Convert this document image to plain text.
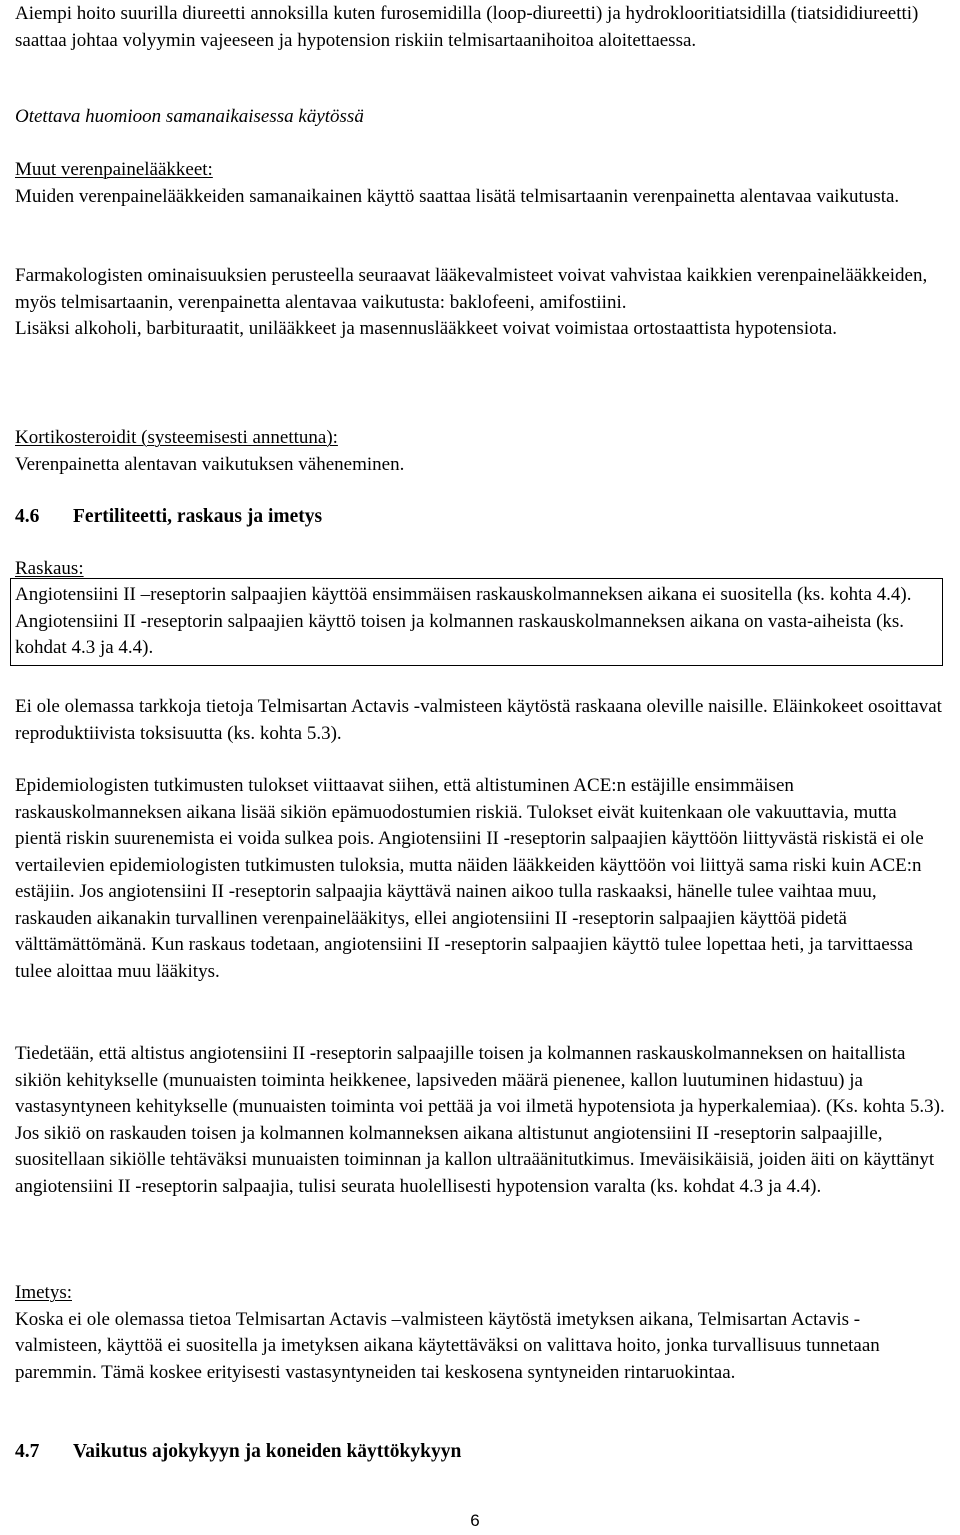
Aiempi hoito suurilla diureetti annoksilla kuten furosemidilla (loop-diureetti) ja hydroklooritiatsidilla (tiatsididiureetti) saattaa johtaa volyymin vajeeseen ja hypotension riskiin telmisartaanihoitoa aloitettaessa.

Otettava huomioon samanaikaisessa käytössä

Muut verenpainelääkkeet:

Muiden verenpainelääkkeiden samanaikainen käyttö saattaa lisätä telmisartaanin verenpainetta alentavaa vaikutusta.

Farmakologisten ominaisuuksien perusteella seuraavat lääkevalmisteet voivat vahvistaa kaikkien verenpainelääkkeiden, myös telmisartaanin, verenpainetta alentavaa vaikutusta: baklofeeni, amifostiini.

Lisäksi alkoholi, barbituraatit, unilääkkeet ja masennuslääkkeet voivat voimistaa ortostaattista hypotensiota.

Kortikosteroidit (systeemisesti annettuna):

Verenpainetta alentavan vaikutuksen väheneminen.

4.6 Fertiliteetti, raskaus ja imetys

Raskaus:

Angiotensiini II –reseptorin salpaajien käyttöä ensimmäisen raskauskolmanneksen aikana ei suositella (ks. kohta 4.4). Angiotensiini II -reseptorin salpaajien käyttö toisen ja kolmannen raskauskolmanneksen aikana on vasta-aiheista (ks. kohdat 4.3 ja 4.4).

Ei ole olemassa tarkkoja tietoja Telmisartan Actavis -valmisteen käytöstä raskaana oleville naisille. Eläinkokeet osoittavat reproduktiivista toksisuutta (ks. kohta 5.3).

Epidemiologisten tutkimusten tulokset viittaavat siihen, että altistuminen ACE:n estäjille ensimmäisen raskauskolmanneksen aikana lisää sikiön epämuodostumien riskiä. Tulokset eivät kuitenkaan ole vakuuttavia, mutta pientä riskin suurenemista ei voida sulkea pois. Angiotensiini II -reseptorin salpaajien käyttöön liittyvästä riskistä ei ole vertailevien epidemiologisten tutkimusten tuloksia, mutta näiden lääkkeiden käyttöön voi liittyä sama riski kuin ACE:n estäjiin. Jos angiotensiini II -reseptorin salpaajia käyttävä nainen aikoo tulla raskaaksi, hänelle tulee vaihtaa muu, raskauden aikanakin turvallinen verenpainelääkitys, ellei angiotensiini II -reseptorin salpaajien käyttöä pidetä välttämättömänä. Kun raskaus todetaan, angiotensiini II -reseptorin salpaajien käyttö tulee lopettaa heti, ja tarvittaessa tulee aloittaa muu lääkitys.

Tiedetään, että altistus angiotensiini II -reseptorin salpaajille toisen ja kolmannen raskauskolmanneksen on haitallista sikiön kehitykselle (munuaisten toiminta heikkenee, lapsiveden määrä pienenee, kallon luutuminen hidastuu) ja vastasyntyneen kehitykselle (munuaisten toiminta voi pettää ja voi ilmetä hypotensiota ja hyperkalemiaa). (Ks. kohta 5.3). Jos sikiö on raskauden toisen ja kolmannen kolmanneksen aikana altistunut angiotensiini II -reseptorin salpaajille, suositellaan sikiölle tehtäväksi munuaisten toiminnan ja kallon ultraäänitutkimus. Imeväisikäisiä, joiden äiti on käyttänyt angiotensiini II -reseptorin salpaajia, tulisi seurata huolellisesti hypotension varalta (ks. kohdat 4.3 ja 4.4).

Imetys:

Koska ei ole olemassa tietoa Telmisartan Actavis –valmisteen käytöstä imetyksen aikana, Telmisartan Actavis -valmisteen, käyttöä ei suositella ja imetyksen aikana käytettäväksi on valittava hoito, jonka turvallisuus tunnetaan paremmin. Tämä koskee erityisesti vastasyntyneiden tai keskosena syntyneiden rintaruokintaa.

4.7 Vaikutus ajokykyyn ja koneiden käyttökykyyn
6
